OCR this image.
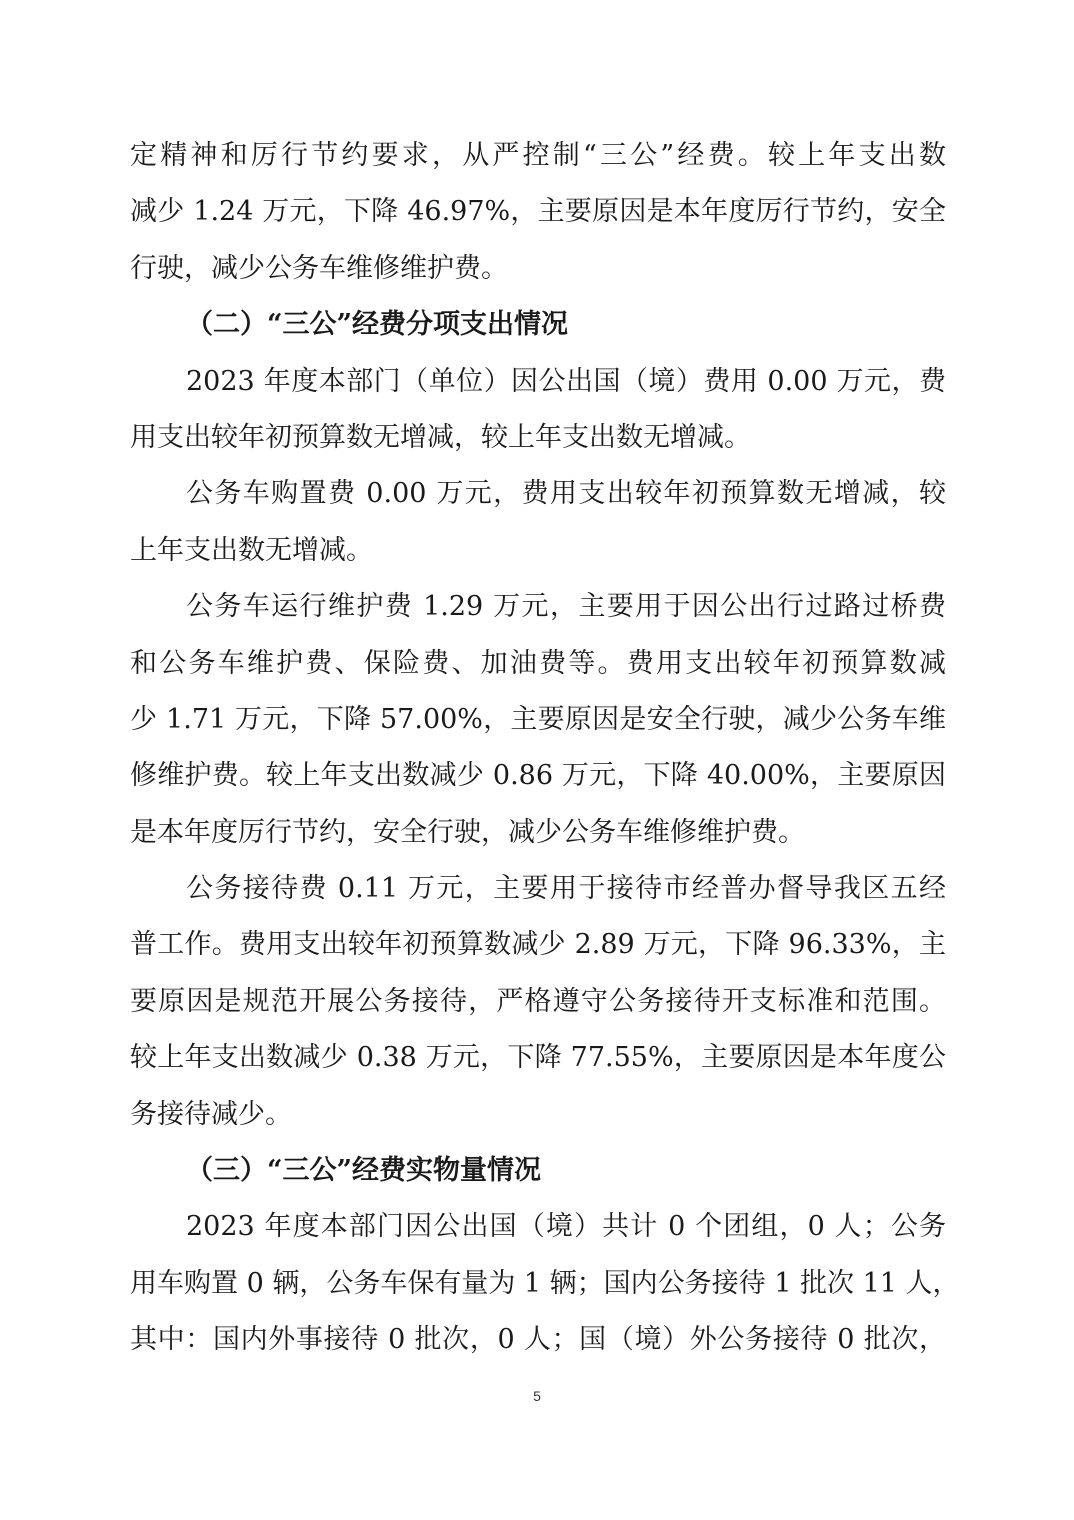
定精神和厉行节约要求，从严控制“三公”经费。较上年支出数
减少 1.24 万元，下降 46.97%，主要原因是本年度厉行节约，安全
行驶，减少公务车维修维护费。
（二）“三公”经费分项支出情况
2023 年度本部门（单位）因公出国（境）费用 0.00 万元，费
用支出较年初预算数无增减，较上年支出数无增减。
公务车购置费 0.00 万元，费用支出较年初预算数无增减，较
上年支出数无增减。
公务车运行维护费 1.29 万元，主要用于因公出行过路过桥费
和公务车维护费、保险费、加油费等。费用支出较年初预算数减
少 1.71 万元，下降 57.00%，主要原因是安全行驶，减少公务车维
修维护费。较上年支出数减少 0.86 万元，下降 40.00%，主要原因
是本年度厉行节约，安全行驶，减少公务车维修维护费。
公务接待费 0.11 万元，主要用于接待市经普办督导我区五经
普工作。费用支出较年初预算数减少 2.89 万元，下降 96.33%，主
要原因是规范开展公务接待，严格遵守公务接待开支标准和范围。
较上年支出数减少 0.38 万元，下降 77.55%，主要原因是本年度公
务接待减少。
（三）“三公”经费实物量情况
2023 年度本部门因公出国（境）共计 0 个团组，0 人；公务
用车购置 0 辆，公务车保有量为 1 辆；国内公务接待 1 批次 11 人，
其中：国内外事接待 0 批次，0 人；国（境）外公务接待 0 批次，
5
